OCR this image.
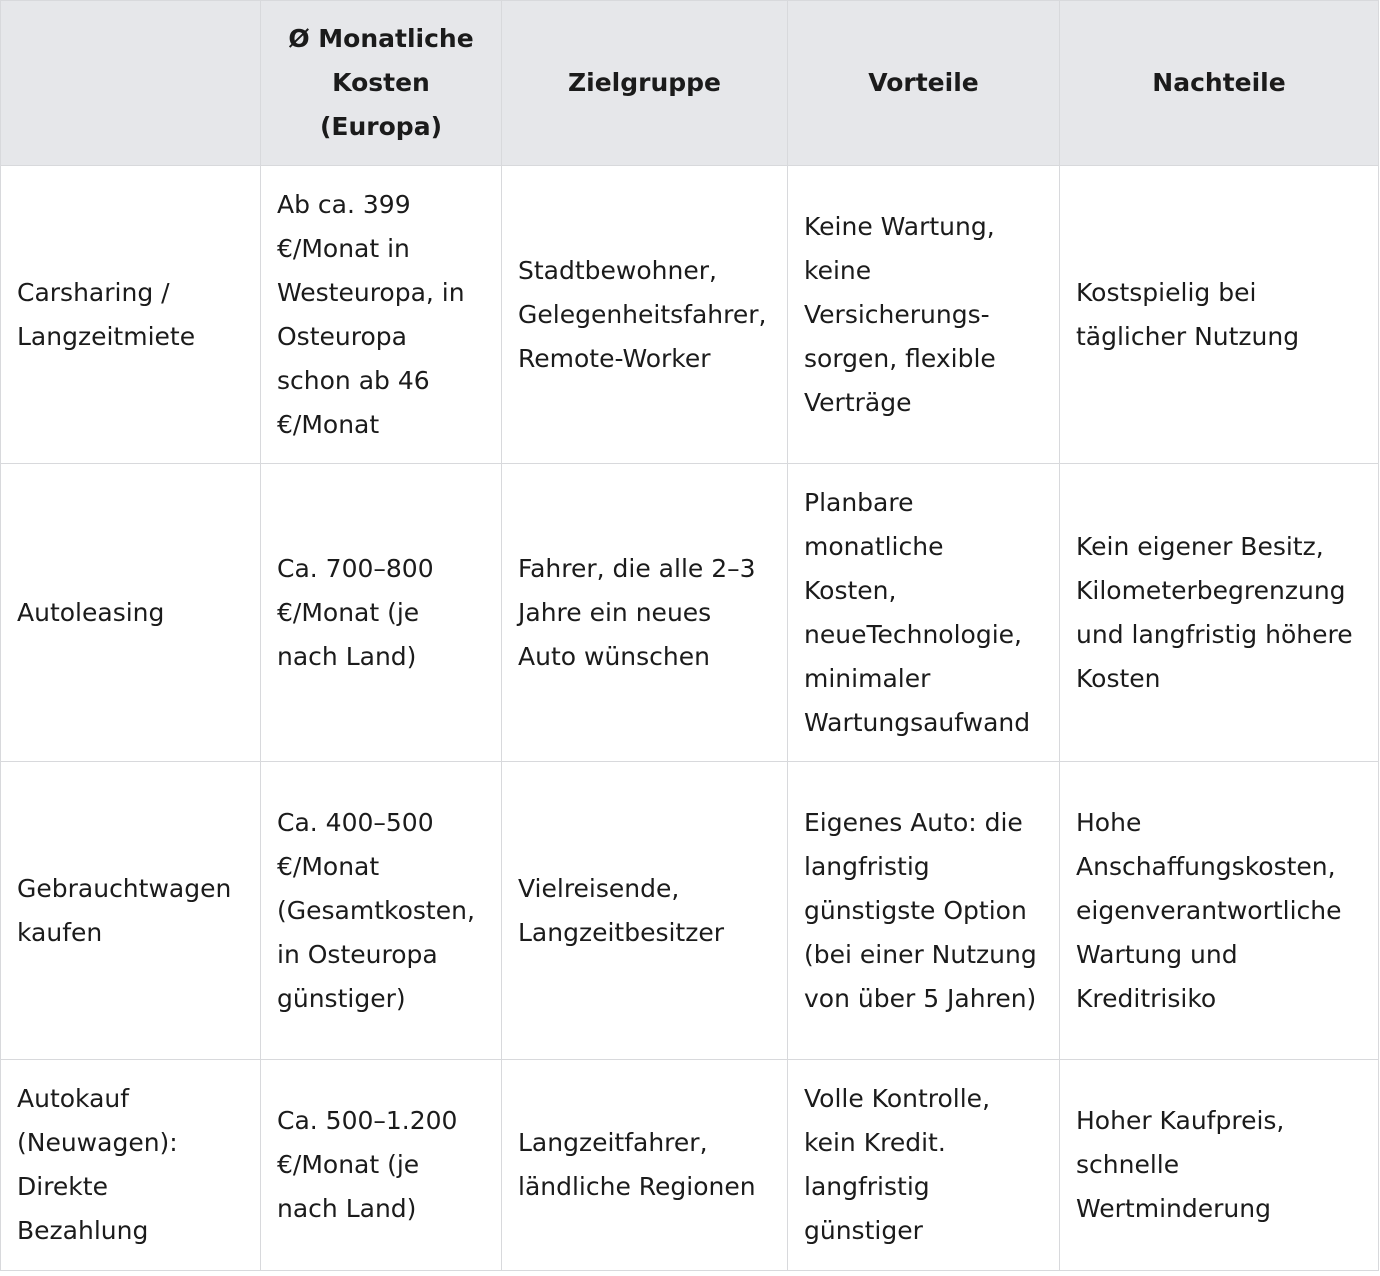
	Ø Monatliche Kosten (Europa)	Zielgruppe	Vorteile	Nachteile
Carsharing / Langzeitmiete	Ab ca. 399 €/Monat in Westeuropa, in Osteuropa schon ab 46 €/Monat	Stadtbewohner, Gelegenheitsfahrer, Remote-Worker	Keine Wartung, keine Versicherungs-sorgen, flexible Verträge	Kostspielig bei täglicher Nutzung
Autoleasing	Ca. 700–800 €/Monat (je nach Land)	Fahrer, die alle 2–3 Jahre ein neues Auto wünschen	Planbare monatliche Kosten, neueTechnologie, minimaler Wartungsaufwand	Kein eigener Besitz, Kilometerbegrenzung und langfristig höhere Kosten
Gebrauchtwagen kaufen	Ca. 400–500 €/Monat (Gesamtkosten, in Osteuropa günstiger)	Vielreisende, Langzeitbesitzer	Eigenes Auto: die langfristig günstigste Option (bei einer Nutzung von über 5 Jahren)	Hohe Anschaffungskosten, eigenverantwortliche Wartung und Kreditrisiko
Autokauf (Neuwagen): Direkte Bezahlung	Ca. 500–1.200 €/Monat (je nach Land)	Langzeitfahrer, ländliche Regionen	Volle Kontrolle, kein Kredit. langfristig günstiger	Hoher Kaufpreis, schnelle Wertminderung
